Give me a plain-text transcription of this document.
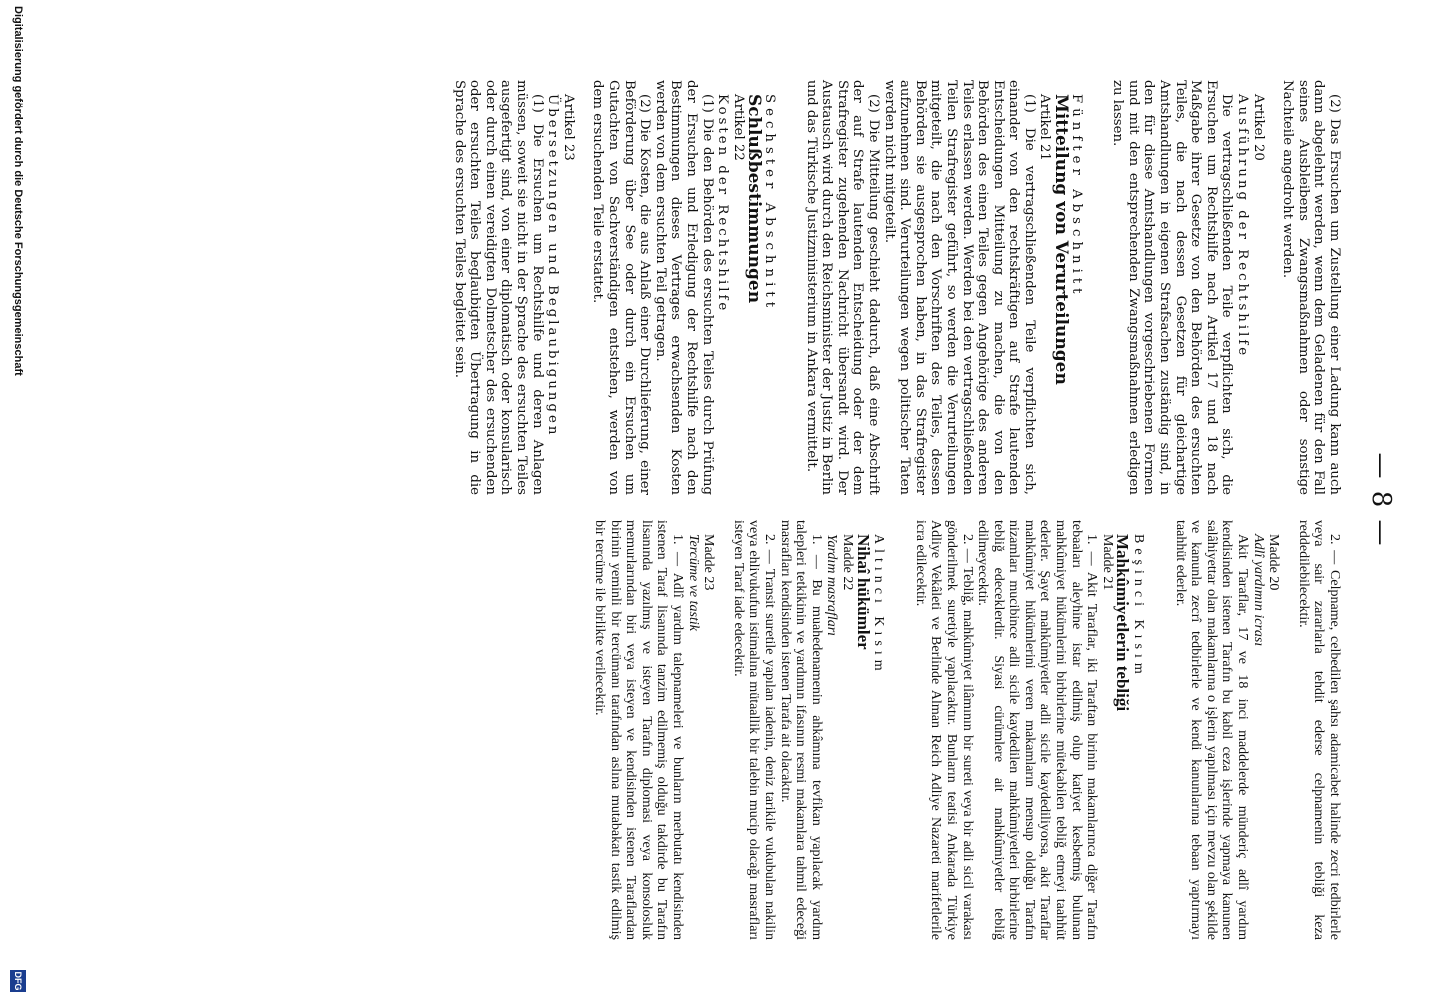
— 8 —

(2) Das Ersuchen um Zustellung einer Ladung kann auch dann abgelehnt werden, wenn dem Geladenen für den Fall seines Ausbleibens Zwangsmaßnahmen oder sonstige Nachteile angedroht werden.

Artikel 20

Ausführung der Rechtshilfe

Die vertragschließenden Teile verpflichten sich, die Ersuchen um Rechtshilfe nach Artikel 17 und 18 nach Maßgabe ihrer Gesetze von den Behörden des ersuchten Teiles, die nach dessen Gesetzen für gleichartige Amtshandlungen in eigenen Strafsachen zuständig sind, in den für diese Amtshandlungen vorgeschriebenen Formen und mit den entsprechenden Zwangsmaßnahmen erledigen zu lassen.

Fünfter Abschnitt

Mitteilung von Verurteilungen

Artikel 21

(1) Die vertragschließenden Teile verpflichten sich, einander von den rechtskräftigen auf Strafe lautenden Entscheidungen Mitteilung zu machen, die von den Behörden des einen Teiles gegen Angehörige des anderen Teiles erlassen werden. Werden bei den vertragschließenden Teilen Strafregister geführt, so werden die Verurteilungen mitgeteilt, die nach den Vorschriften des Teiles, dessen Behörden sie ausgesprochen haben, in das Strafregister aufzunehmen sind. Verurteilungen wegen politischer Taten werden nicht mitgeteilt.

(2) Die Mitteilung geschieht dadurch, daß eine Abschrift der auf Strafe lautenden Entscheidung oder der dem Strafregister zugehenden Nachricht übersandt wird. Der Austausch wird durch den Reichsminister der Justiz in Berlin und das Türkische Justizministerium in Ankara vermittelt.

Sechster Abschnitt

Schlußbestimmungen

Artikel 22

Kosten der Rechtshilfe

(1) Die den Behörden des ersuchten Teiles durch Prüfung der Ersuchen und Erledigung der Rechtshilfe nach den Bestimmungen dieses Vertrages erwachsenden Kosten werden von dem ersuchten Teil getragen.

(2) Die Kosten, die aus Anlaß einer Durchlieferung, einer Beförderung über See oder durch ein Ersuchen um Gutachten von Sachverständigen entstehen, werden von dem ersuchenden Teile erstattet.

Artikel 23

Übersetzungen und Beglaubigungen

(1) Die Ersuchen um Rechtshilfe und deren Anlagen müssen, soweit sie nicht in der Sprache des ersuchten Teiles ausgefertigt sind, von einer diplomatisch oder konsularisch oder durch einen vereidigten Dolmetscher des ersuchenden oder ersuchten Teiles beglaubigten Übertragung in die Sprache des ersuchten Teiles begleitet sein.

2. — Celpname, celbedilen şahsı adamicabet halinde zecri tedbirlerle veya sair zararlarla tehdit ederse celpnamenin tebliği keza reddedilebilecektir.

Madde 20

Adlî yardımın icrası

Akit Taraflar, 17 ve 18 inci maddelerde münderiç adlî yardım kendisinden istenen Tarafın bu kabil ceza işlerinde yapmaya kanunen salâhiyettar olan makamlarına o işlerin yapılması için mevzu olan şekilde ve kanunla zecrî tedbirlerle ve kendi kanunlarına tebaan yaptırmayı taahhüt ederler.

Beşinci Kısım

Mahkûmiyetlerin tebliği

Madde 21

1. — Akit Taraflar, iki Taraftan birinin makamlarınca diğer Tarafın tebaaları aleyhine istar edilmiş olup katiyet kesbetmiş bulunan mahkûmiyet hükümlerini birbirlerine mütekabilen tebliğ etmeyi taahhüt ederler. Şayet mahkûmiyetler adli sicile kaydediliyorsa, akit Taraflar mahkûmiyet hükümlerini veren makamların mensup olduğu Tarafın nizamları mucibince adli sicile kaydedilen mahkûmiyetleri birbirlerine tebliğ edeceklerdir. Siyasi cürümlere ait mahkûmiyetler tebliğ edilmeyecektir.

2. — Tebliğ, mahkûmiyet ilâmının bir sureti veya bir adli sicil varakası gönderilmek suretiyle yapılacaktır. Bunların teatisi Ankarada Türkiye Adliye Vekâleti ve Berlinde Alman Reich Adliye Nazareti marifetlerile icra edilecektir.

Altıncı Kısım

Nihaî hükümler

Madde 22

Yardım masrafları

1. — Bu muahedenamenin ahkâmına tevfikan yapılacak yardım talepleri tetkikinin ve yardımın ifasının resmi makamlara tahmil edeceği masrafları kendisinden istenen Tarafa ait olacaktır.

2. — Transit suretile yapılan iadenin, deniz tarikile vukubulan nakilin veya ehlivukufun istimalına mütaallik bir talebin mucip olacağı masrafları isteyen Taraf iade edecektir.

Madde 23

Tercüme ve tastik

1. — Adlî yardım talepnameleri ve bunların merbutatı kendisinden istenen Taraf lisanında tanzim edilmemiş olduğu takdirde bu Tarafın lisanında yazılmış ve isteyen Tarafın diplomasi veya konsolosluk memurlarından biri veya isteyen ve kendisinden istenen Taraflardan birinin yeminli bir tercümanı tarafından aslına mutabakatı tastik edilmiş bir tercüme ile birlikte verilecektir.

Digitalisierung gefördert durch die Deutsche Forschungsgemeinschaft
DFG
